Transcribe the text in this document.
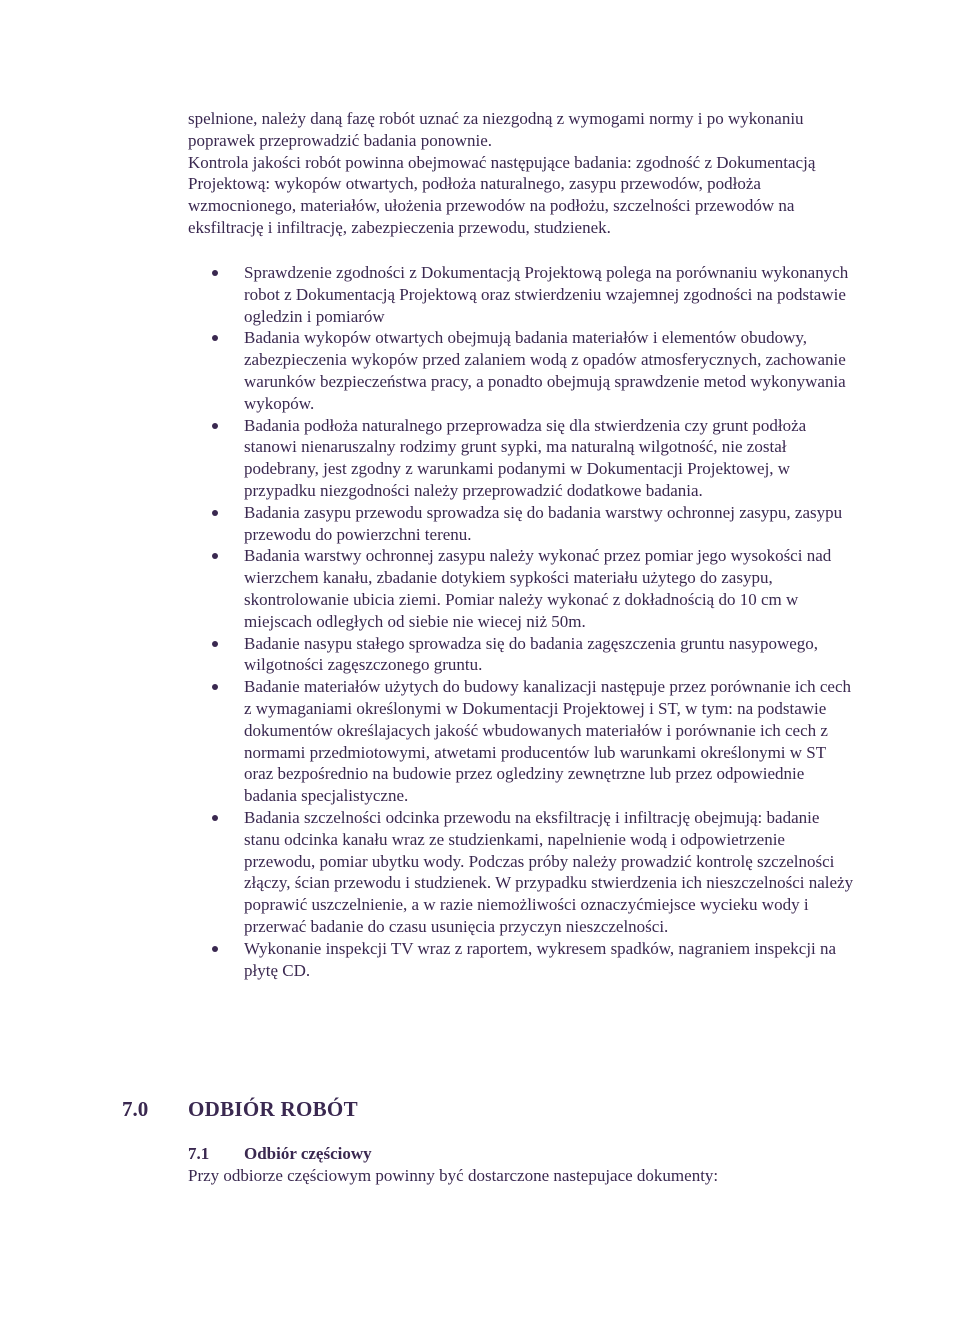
spelnione, należy daną fazę robót uznać za niezgodną z wymogami normy i po wykonaniu poprawek przeprowadzić badania ponownie.

Kontrola jakości robót powinna obejmować następujące badania: zgodność z Dokumentacją Projektową: wykopów otwartych, podłoża naturalnego, zasypu przewodów, podłoża wzmocnionego, materiałów, ułożenia przewodów na podłożu, szczelności przewodów na eksfiltrację i infiltrację, zabezpieczenia przewodu, studzienek.

Sprawdzenie zgodności z Dokumentacją Projektową polega na porównaniu wykonanych robot z Dokumentacją Projektową oraz stwierdzeniu wzajemnej zgodności na podstawie ogledzin i pomiarów
Badania wykopów otwartych obejmują badania materiałów i elementów obudowy, zabezpieczenia wykopów przed zalaniem wodą z opadów atmosferycznych, zachowanie warunków bezpieczeństwa pracy, a ponadto obejmują sprawdzenie metod wykonywania wykopów.
Badania podłoża naturalnego przeprowadza się dla stwierdzenia czy grunt podłoża stanowi nienaruszalny rodzimy grunt sypki, ma naturalną wilgotność, nie został podebrany, jest zgodny z warunkami podanymi w Dokumentacji Projektowej, w przypadku niezgodności należy przeprowadzić dodatkowe badania.
Badania zasypu przewodu sprowadza się do badania warstwy ochronnej zasypu, zasypu przewodu do powierzchni terenu.
Badania warstwy ochronnej zasypu należy wykonać przez pomiar jego wysokości nad wierzchem kanału, zbadanie dotykiem sypkości materiału użytego do zasypu, skontrolowanie ubicia ziemi. Pomiar należy wykonać z dokładnością do 10 cm w miejscach odległych od siebie nie wiecej niż 50m.
Badanie nasypu stałego sprowadza się do badania zagęszczenia gruntu nasypowego, wilgotności zagęszczonego gruntu.
Badanie materiałów użytych do budowy kanalizacji następuje przez porównanie ich cech z wymaganiami określonymi w Dokumentacji Projektowej i ST, w tym: na podstawie dokumentów określajacych jakość wbudowanych materiałów i porównanie ich cech z normami przedmiotowymi, atwetami producentów lub warunkami określonymi w ST oraz bezpośrednio na budowie przez ogledziny zewnętrzne lub przez odpowiednie badania specjalistyczne.
Badania szczelności odcinka przewodu na eksfiltrację i infiltrację obejmują: badanie stanu odcinka kanału wraz ze studzienkami, napelnienie wodą i odpowietrzenie przewodu, pomiar ubytku wody. Podczas próby należy prowadzić kontrolę szczelności złączy, ścian przewodu i studzienek. W przypadku stwierdzenia ich nieszczelności należy poprawić uszczelnienie, a w razie niemożliwości oznaczyćmiejsce wycieku wody i przerwać badanie do czasu usunięcia przyczyn nieszczelności.
Wykonanie inspekcji TV wraz z raportem, wykresem spadków, nagraniem inspekcji na płytę CD.
7.0 ODBIÓR ROBÓT
7.1 Odbiór częściowy

Przy odbiorze częściowym powinny być dostarczone nastepujace dokumenty:
